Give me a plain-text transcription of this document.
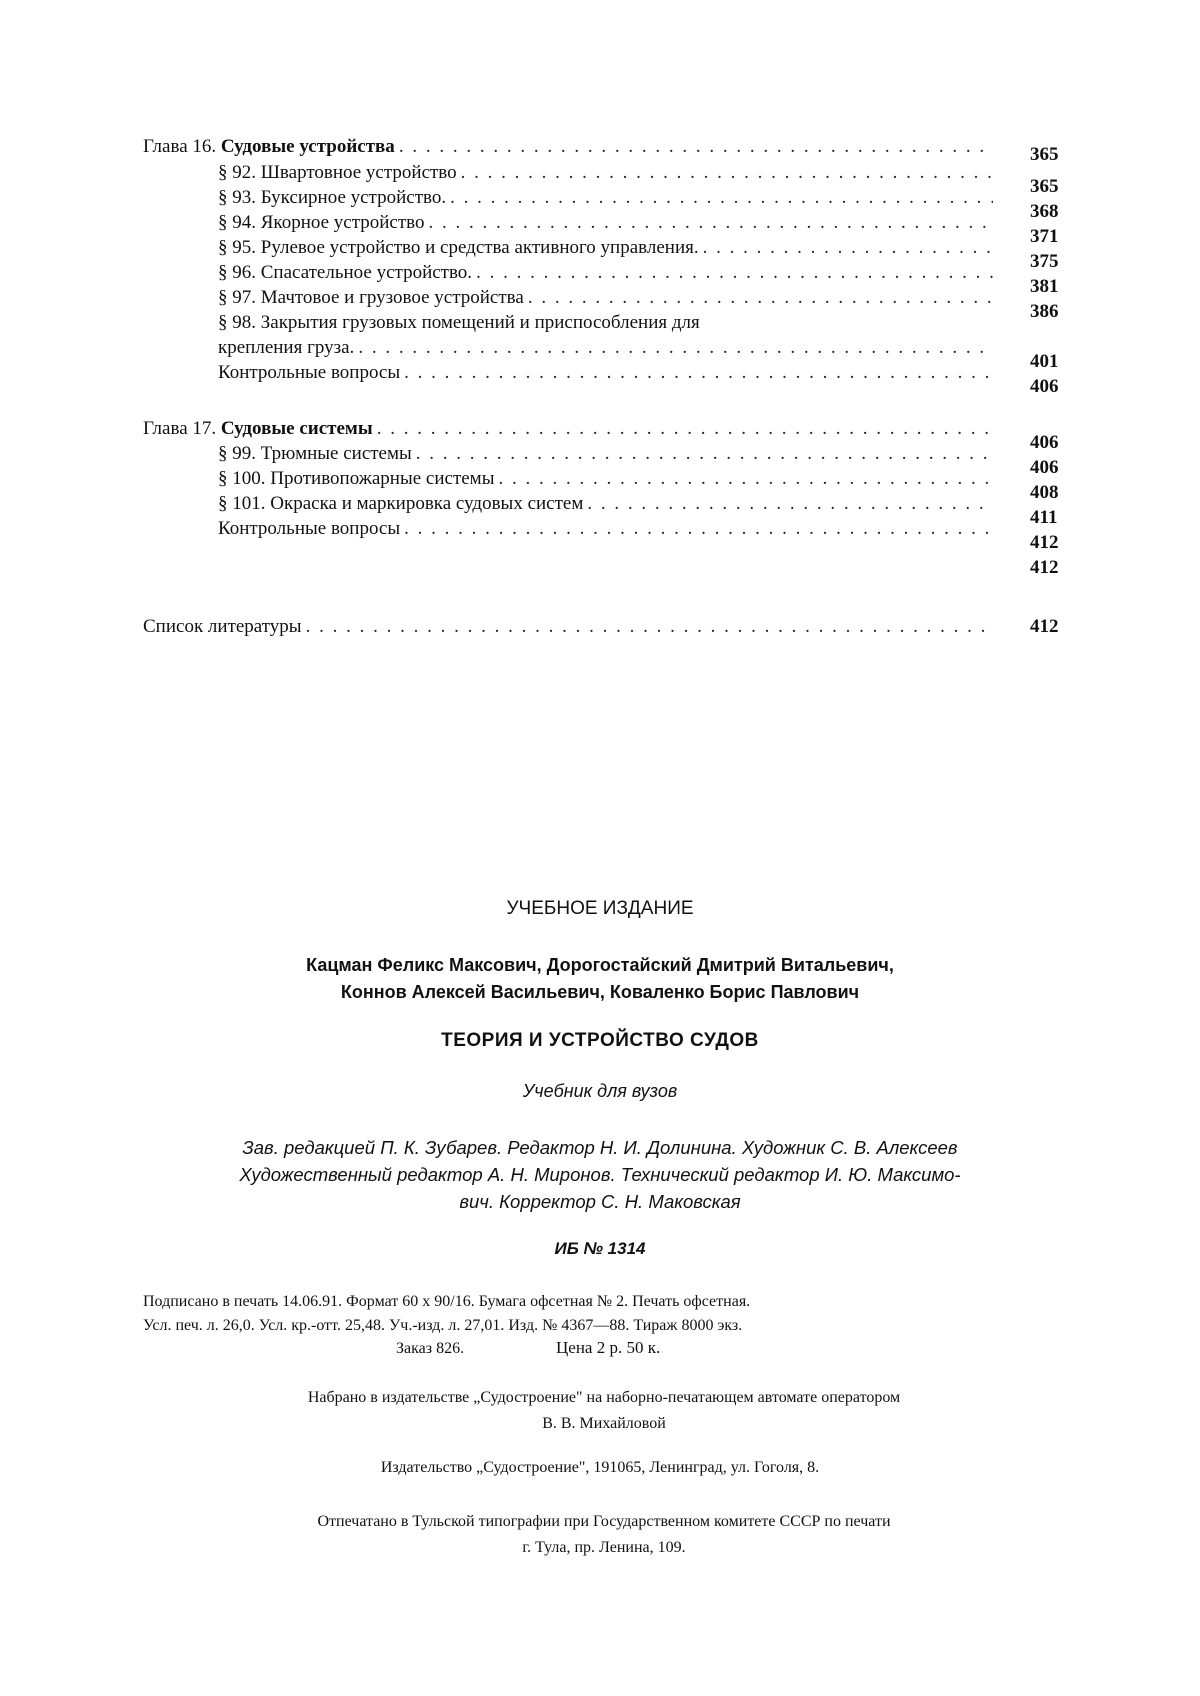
Глава 16. Судовые устройства . . . . . . . . . . . . . . . . . . . . . . . . . . . . . . . . . . . . . . . . . . . .	365
§ 92. Швартовное устройство . . . . . . . . . . . . . . . . . . . . . . . . . . . . . . . . . . . . . . .
365
§ 93. Буксирное устройство. . . . . . . . . . . . . . . . . . . . . . . . . . . . . . . . . . . . . . . . .
368
§ 94. Якорное устройство . . . . . . . . . . . . . . . . . . . . . . . . . . . . . . . . . . . . . . . . . .
371
§ 95. Рулевое устройство и средства активного управления. . . . . . . . . . . . . . . . . . . . . . .
375
§ 96. Спасательное устройство. . . . . . . . . . . . . . . . . . . . . . . . . . . . . . . . . . . . . . .
381
§ 97. Мачтовое и грузовое устройства . . . . . . . . . . . . . . . . . . . . . . . . . . . . . . . . . . .
386
§ 98. Закрытия грузовых помещений и приспособления для
крепления груза. . . . . . . . . . . . . . . . . . . . . . . . . . . . . . . . . . . . . . . . . . . . . . . .
401
Контрольные вопросы . . . . . . . . . . . . . . . . . . . . . . . . . . . . . . . . . . . . . . . . . . . .
406
Глава 17. Судовые системы . . . . . . . . . . . . . . . . . . . . . . . . . . . . . . . . . . . . . . . . . . . . . .
406
§ 99. Трюмные системы . . . . . . . . . . . . . . . . . . . . . . . . . . . . . . . . . . . . . . . . . . .
406
§ 100. Противопожарные системы . . . . . . . . . . . . . . . . . . . . . . . . . . . . . . . . . . . . .
408
§ 101. Окраска и маркировка судовых систем . . . . . . . . . . . . . . . . . . . . . . . . . . . . . .
411
Контрольные вопросы . . . . . . . . . . . . . . . . . . . . . . . . . . . . . . . . . . . . . . . . . . . .
412
412
Список литературы . . . . . . . . . . . . . . . . . . . . . . . . . . . . . . . . . . . . . . . . . . . . . . . . . . . 412
УЧЕБНОЕ ИЗДАНИЕ
Кацман Феликс Максович, Дорогостайский Дмитрий Витальевич,
Коннов Алексей Васильевич, Коваленко Борис Павлович
ТЕОРИЯ И УСТРОЙСТВО СУДОВ
Учебник для вузов
Зав. редакцией П. К. Зубарев. Редактор Н. И. Долинина. Художник С. В. Алексеев
Художественный редактор А. Н. Миронов. Технический редактор И. Ю. Максимо-
вич. Корректор С. Н. Маковская
ИБ № 1314
Подписано в печать 14.06.91. Формат 60 х 90/16. Бумага офсетная № 2. Печать офсетная.
Усл. печ. л. 26,0. Усл. кр.-отт. 25,48. Уч.-изд. л. 27,01. Изд. № 4367—88. Тираж 8000 экз.
Заказ 826.	Цена 2 р. 50 к.
Набрано в издательстве „Судостроение" на наборно-печатающем автомате оператором
В. В. Михайловой
Издательство „Судостроение", 191065, Ленинград, ул. Гоголя, 8.
Отпечатано в Тульской типографии при Государственном комитете СССР по печати
г. Тула, пр. Ленина, 109.
